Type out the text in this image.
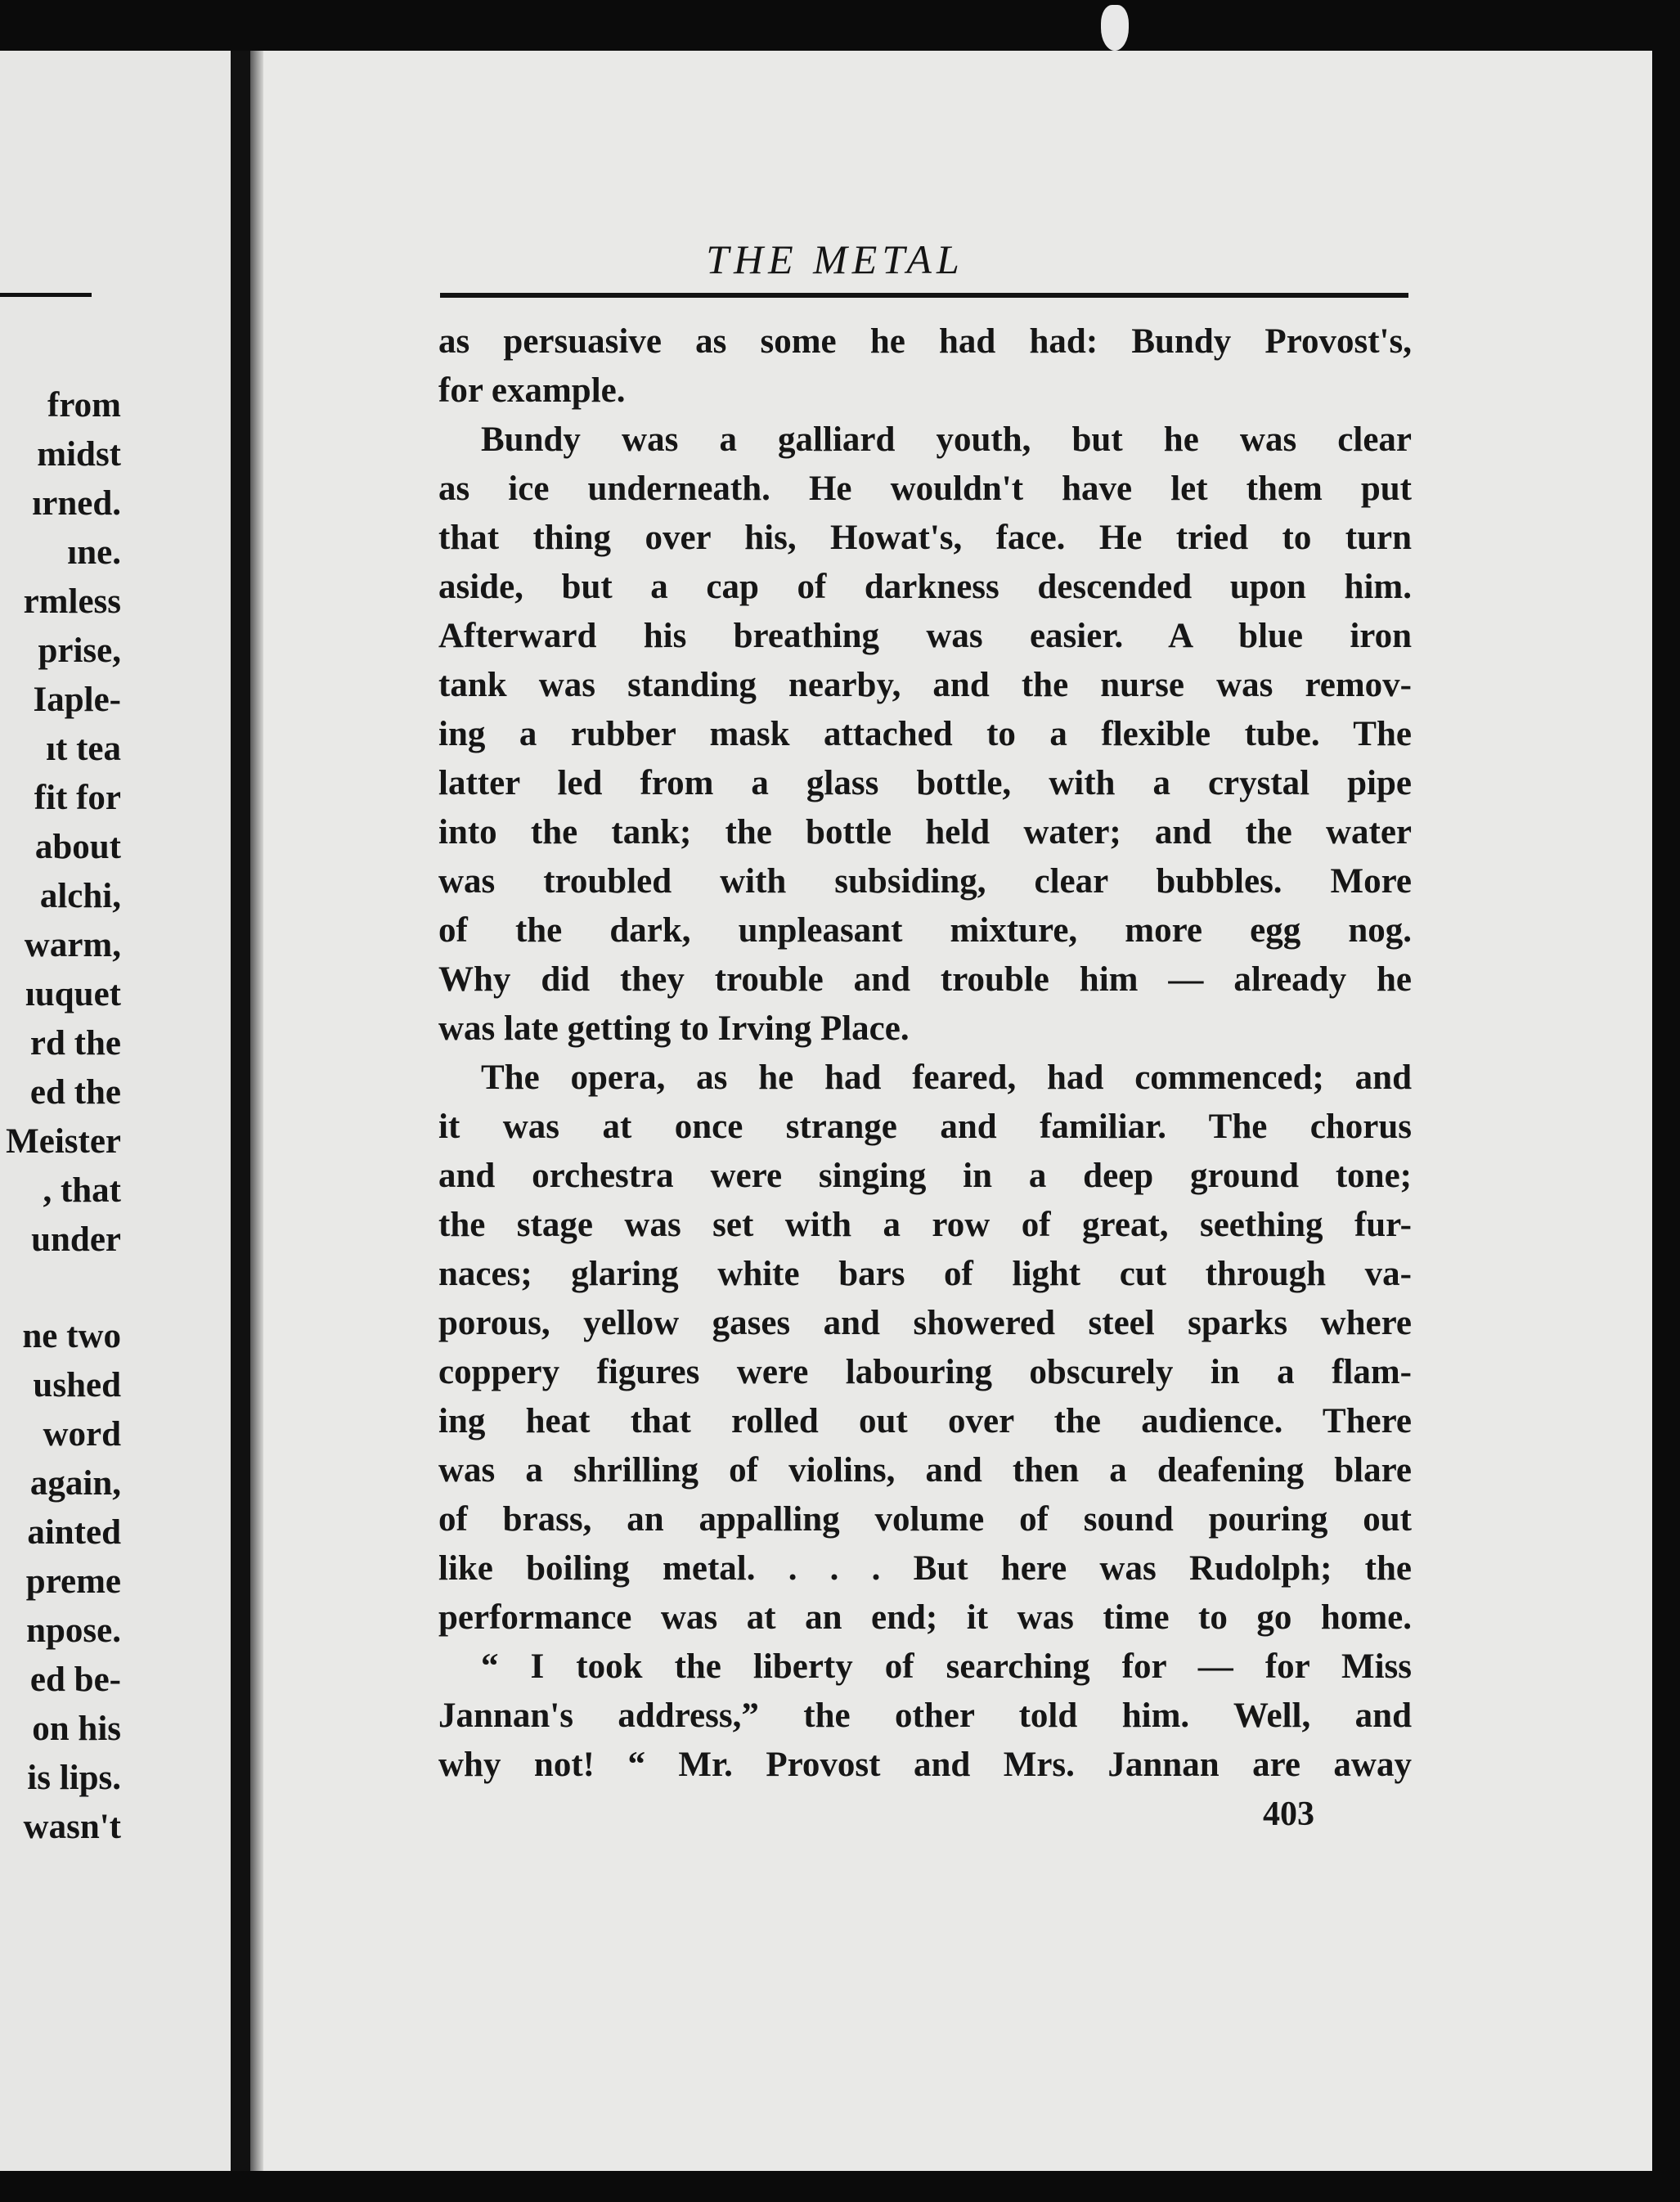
from
midst
ırned.
ıne.
rmless
prise,
Iaple-
ıt tea
fit for
about
alchi,
warm,
ıuquet
rd the
ed the
Meister
, that
under
ne two
ushed
word
again,
ainted
preme
npose.
ed be-
on his
is lips.
wasn't
THE METAL
as persuasive as some he had had: Bundy Provost's,
for example.
Bundy was a galliard youth, but he was clear
as ice underneath. He wouldn't have let them put
that thing over his, Howat's, face. He tried to turn
aside, but a cap of darkness descended upon him.
Afterward his breathing was easier. A blue iron
tank was standing nearby, and the nurse was remov-
ing a rubber mask attached to a flexible tube. The
latter led from a glass bottle, with a crystal pipe
into the tank; the bottle held water; and the water
was troubled with subsiding, clear bubbles. More
of the dark, unpleasant mixture, more egg nog.
Why did they trouble and trouble him — already he
was late getting to Irving Place.
The opera, as he had feared, had commenced; and
it was at once strange and familiar. The chorus
and orchestra were singing in a deep ground tone;
the stage was set with a row of great, seething fur-
naces; glaring white bars of light cut through va-
porous, yellow gases and showered steel sparks where
coppery figures were labouring obscurely in a flam-
ing heat that rolled out over the audience. There
was a shrilling of violins, and then a deafening blare
of brass, an appalling volume of sound pouring out
like boiling metal. . . . But here was Rudolph; the
performance was at an end; it was time to go home.
“ I took the liberty of searching for — for Miss
Jannan's address,” the other told him. Well, and
why not! “ Mr. Provost and Mrs. Jannan are away
403
